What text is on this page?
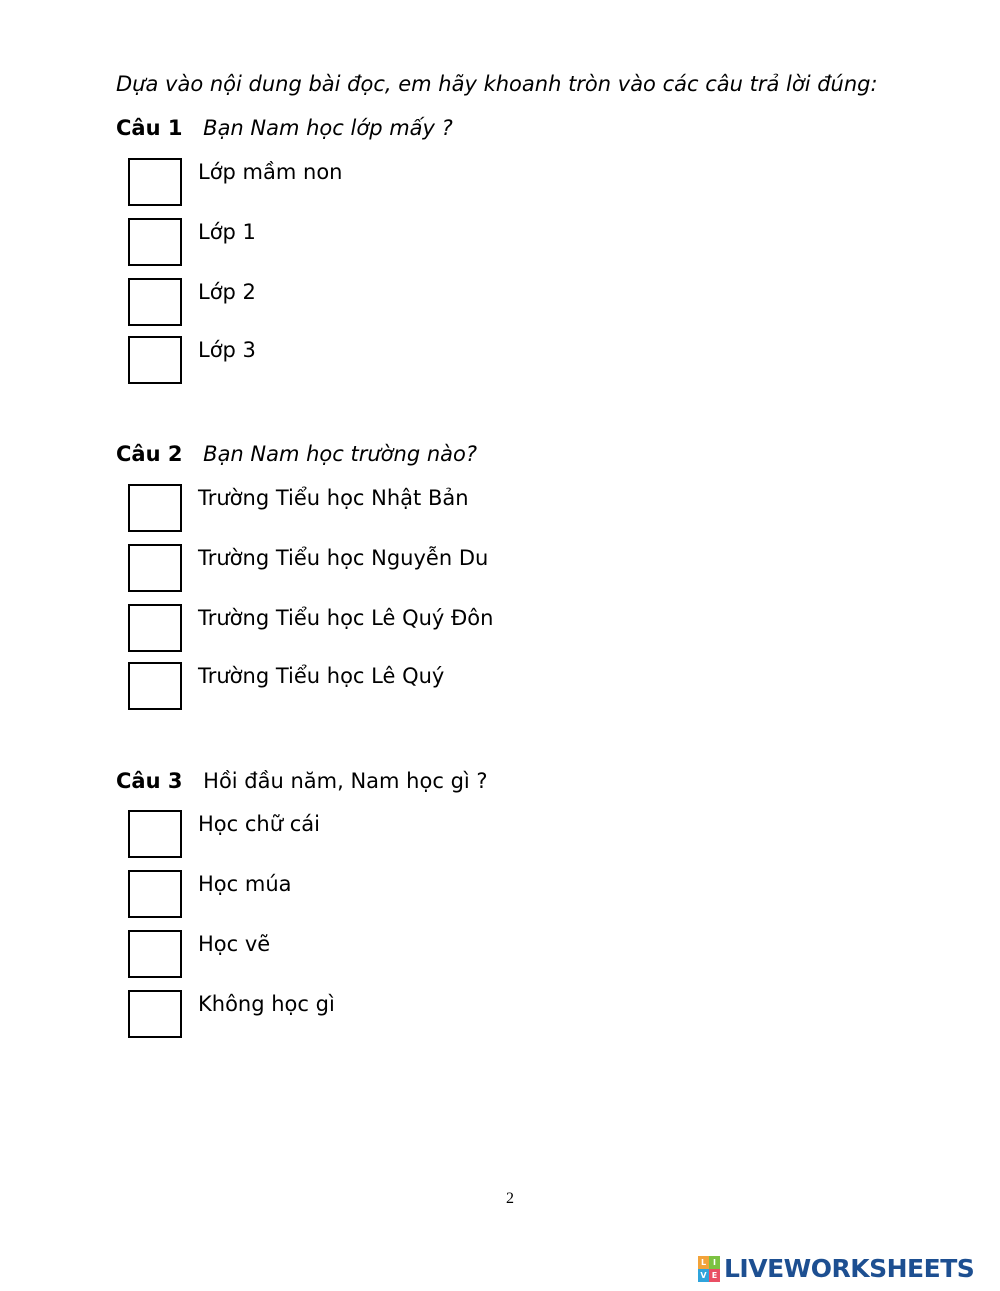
Dựa vào nội dung bài đọc, em hãy khoanh tròn vào các câu trả lời đúng:
Câu 1 Bạn Nam học lớp mấy ?
Lớp mầm non
Lớp 1
Lớp 2
Lớp 3
Câu 2 Bạn Nam học trường nào?
Trường Tiểu học Nhật Bản
Trường Tiểu học Nguyễn Du
Trường Tiểu học Lê Quý Đôn
Trường Tiểu học Lê Quý
Câu 3 Hồi đầu năm, Nam học gì ?
Học chữ cái
Học múa
Học vẽ
Không học gì
2
L I
V E LIVEWORKSHEETS
